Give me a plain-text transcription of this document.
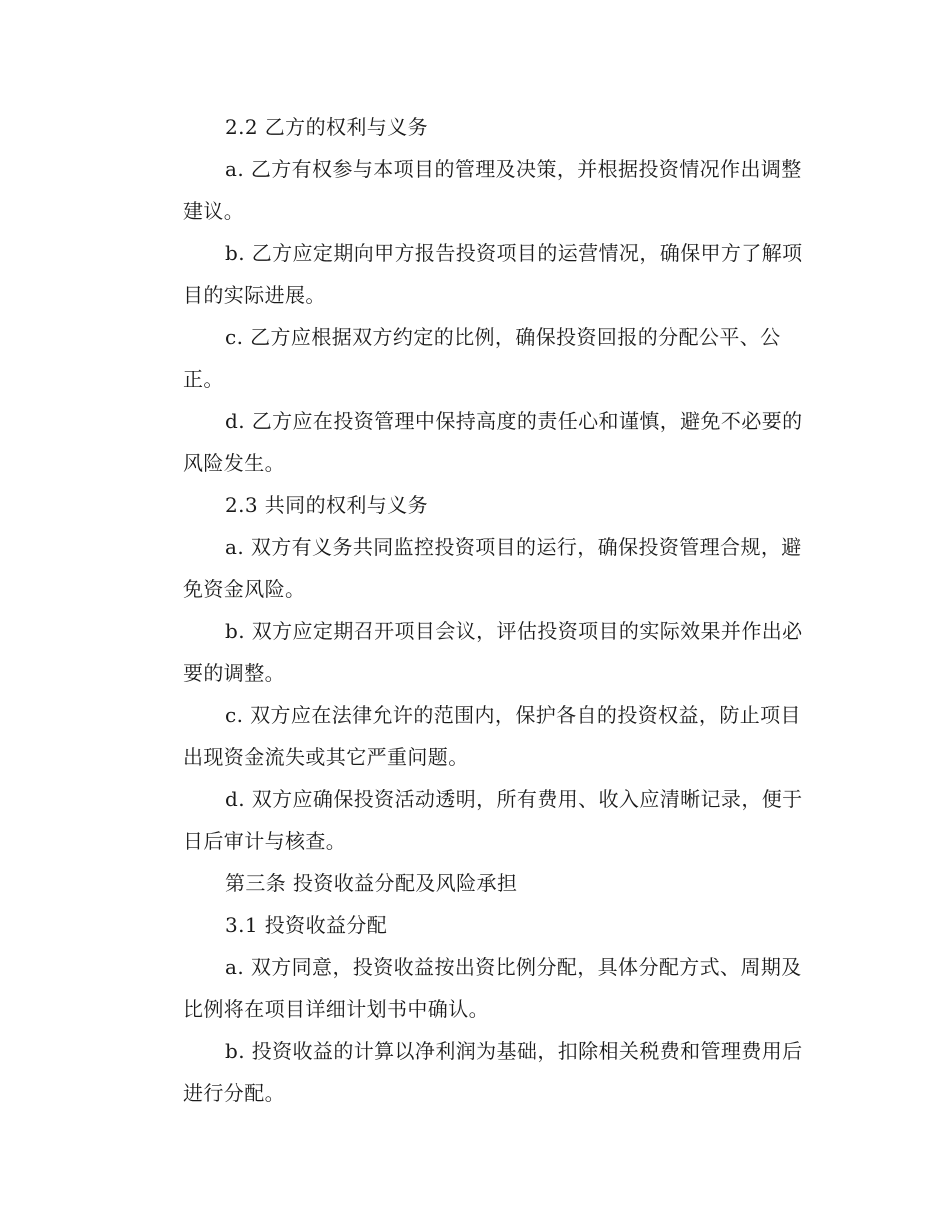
2.2 乙方的权利与义务

a. 乙方有权参与本项目的管理及决策，并根据投资情况作出调整
建议。

b. 乙方应定期向甲方报告投资项目的运营情况，确保甲方了解项
目的实际进展。

c. 乙方应根据双方约定的比例，确保投资回报的分配公平、公
正。

d. 乙方应在投资管理中保持高度的责任心和谨慎，避免不必要的
风险发生。

2.3 共同的权利与义务

a. 双方有义务共同监控投资项目的运行，确保投资管理合规，避
免资金风险。

b. 双方应定期召开项目会议，评估投资项目的实际效果并作出必
要的调整。

c. 双方应在法律允许的范围内，保护各自的投资权益，防止项目
出现资金流失或其它严重问题。

d. 双方应确保投资活动透明，所有费用、收入应清晰记录，便于
日后审计与核查。

第三条 投资收益分配及风险承担

3.1 投资收益分配

a. 双方同意，投资收益按出资比例分配，具体分配方式、周期及
比例将在项目详细计划书中确认。

b. 投资收益的计算以净利润为基础，扣除相关税费和管理费用后
进行分配。
